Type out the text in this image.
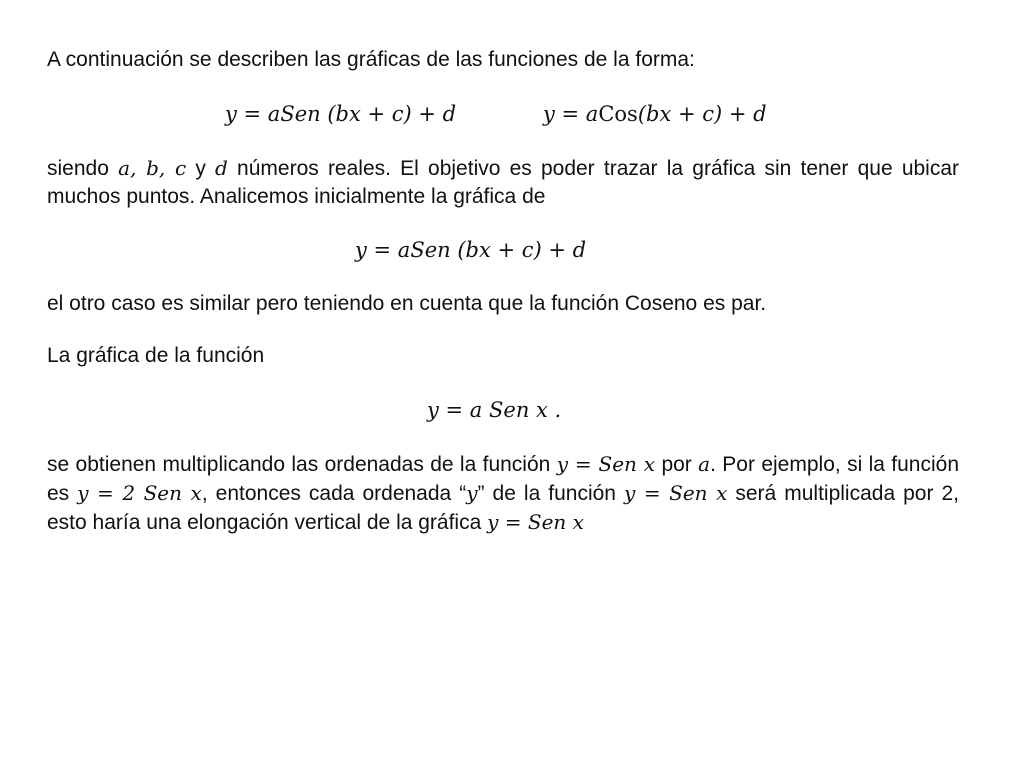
A continuación se describen las gráficas de las funciones de la forma:

y = aSen (bx + c) + d	y = aCos(bx + c) + d

siendo a, b, c y d números reales. El objetivo es poder trazar la gráfica sin tener que ubicar muchos puntos. Analicemos inicialmente la gráfica de

y = aSen (bx + c) + d

el otro caso es similar pero teniendo en cuenta que la función Coseno es par.

La gráfica de la función

y = a Sen x .

se obtienen multiplicando las ordenadas de la función y = Sen x por a. Por ejemplo, si la función es y = 2 Sen x, entonces cada ordenada “y” de la función y = Sen x será multiplicada por 2, esto haría una elongación vertical de la gráfica y = Sen x
